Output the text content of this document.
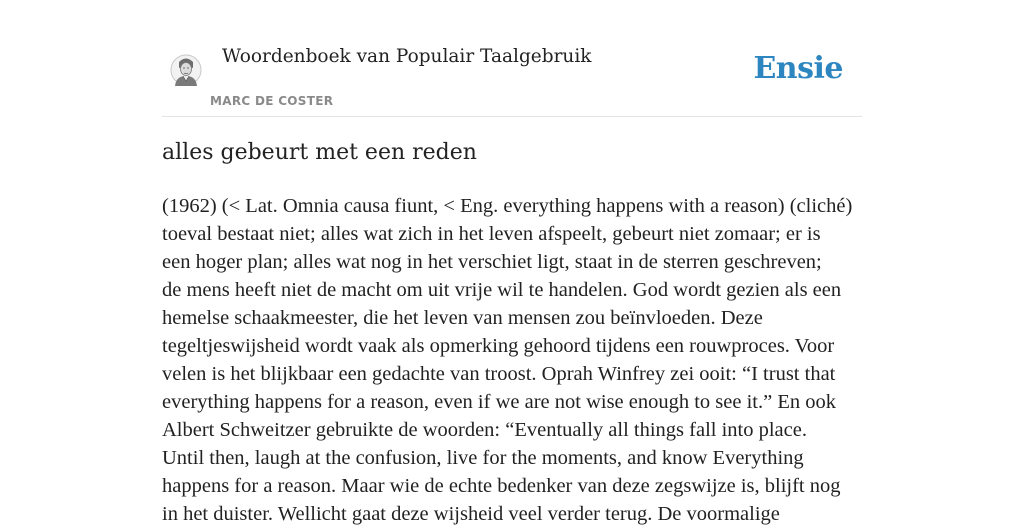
Woordenboek van Populair Taalgebruik
MARC DE COSTER
Ensie
alles gebeurt met een reden
(1962) (< Lat. Omnia causa fiunt, < Eng. everything happens with a reason) (cliché)
toeval bestaat niet; alles wat zich in het leven afspeelt, gebeurt niet zomaar; er is
een hoger plan; alles wat nog in het verschiet ligt, staat in de sterren geschreven;
de mens heeft niet de macht om uit vrije wil te handelen. God wordt gezien als een
hemelse schaakmeester, die het leven van mensen zou beïnvloeden. Deze
tegeltjeswijsheid wordt vaak als opmerking gehoord tijdens een rouwproces. Voor
velen is het blijkbaar een gedachte van troost. Oprah Winfrey zei ooit: “I trust that
everything happens for a reason, even if we are not wise enough to see it.” En ook
Albert Schweitzer gebruikte de woorden: “Eventually all things fall into place.
Until then, laugh at the confusion, live for the moments, and know Everything
happens for a reason. Maar wie de echte bedenker van deze zegswijze is, blijft nog
in het duister. Wellicht gaat deze wijsheid veel verder terug. De voormalige
